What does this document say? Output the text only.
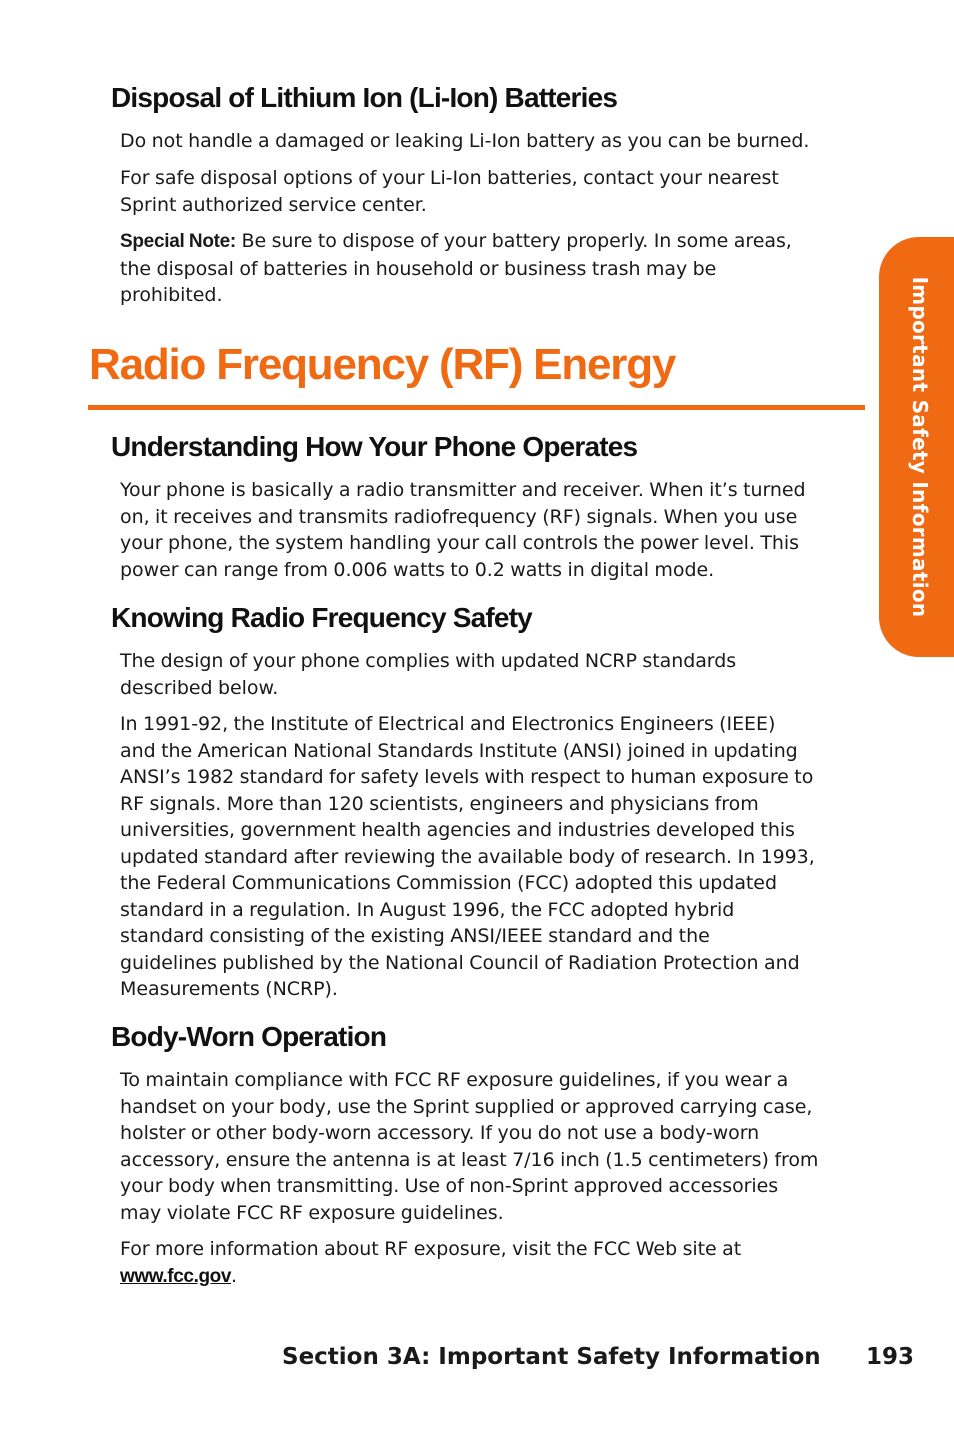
Disposal of Lithium Ion (Li-Ion) Batteries

Do not handle a damaged or leaking Li-Ion battery as you can be burned.

For safe disposal options of your Li-Ion batteries, contact your nearest
Sprint authorized service center.

Special Note: Be sure to dispose of your battery properly. In some areas,
the disposal of batteries in household or business trash may be
prohibited.

Radio Frequency (RF) Energy
Understanding How Your Phone Operates

Your phone is basically a radio transmitter and receiver. When it’s turned
on, it receives and transmits radiofrequency (RF) signals. When you use
your phone, the system handling your call controls the power level. This
power can range from 0.006 watts to 0.2 watts in digital mode.

Knowing Radio Frequency Safety

The design of your phone complies with updated NCRP standards
described below.

In 1991-92, the Institute of Electrical and Electronics Engineers (IEEE)
and the American National Standards Institute (ANSI) joined in updating
ANSI’s 1982 standard for safety levels with respect to human exposure to
RF signals. More than 120 scientists, engineers and physicians from
universities, government health agencies and industries developed this
updated standard after reviewing the available body of research. In 1993,
the Federal Communications Commission (FCC) adopted this updated
standard in a regulation. In August 1996, the FCC adopted hybrid
standard consisting of the existing ANSI/IEEE standard and the
guidelines published by the National Council of Radiation Protection and
Measurements (NCRP).

Body-Worn Operation

To maintain compliance with FCC RF exposure guidelines, if you wear a
handset on your body, use the Sprint supplied or approved carrying case,
holster or other body-worn accessory. If you do not use a body-worn
accessory, ensure the antenna is at least 7/16 inch (1.5 centimeters) from
your body when transmitting. Use of non-Sprint approved accessories
may violate FCC RF exposure guidelines.

For more information about RF exposure, visit the FCC Web site at
www.fcc.gov.

Important Safety Information

Section 3A: Important Safety Information 193
